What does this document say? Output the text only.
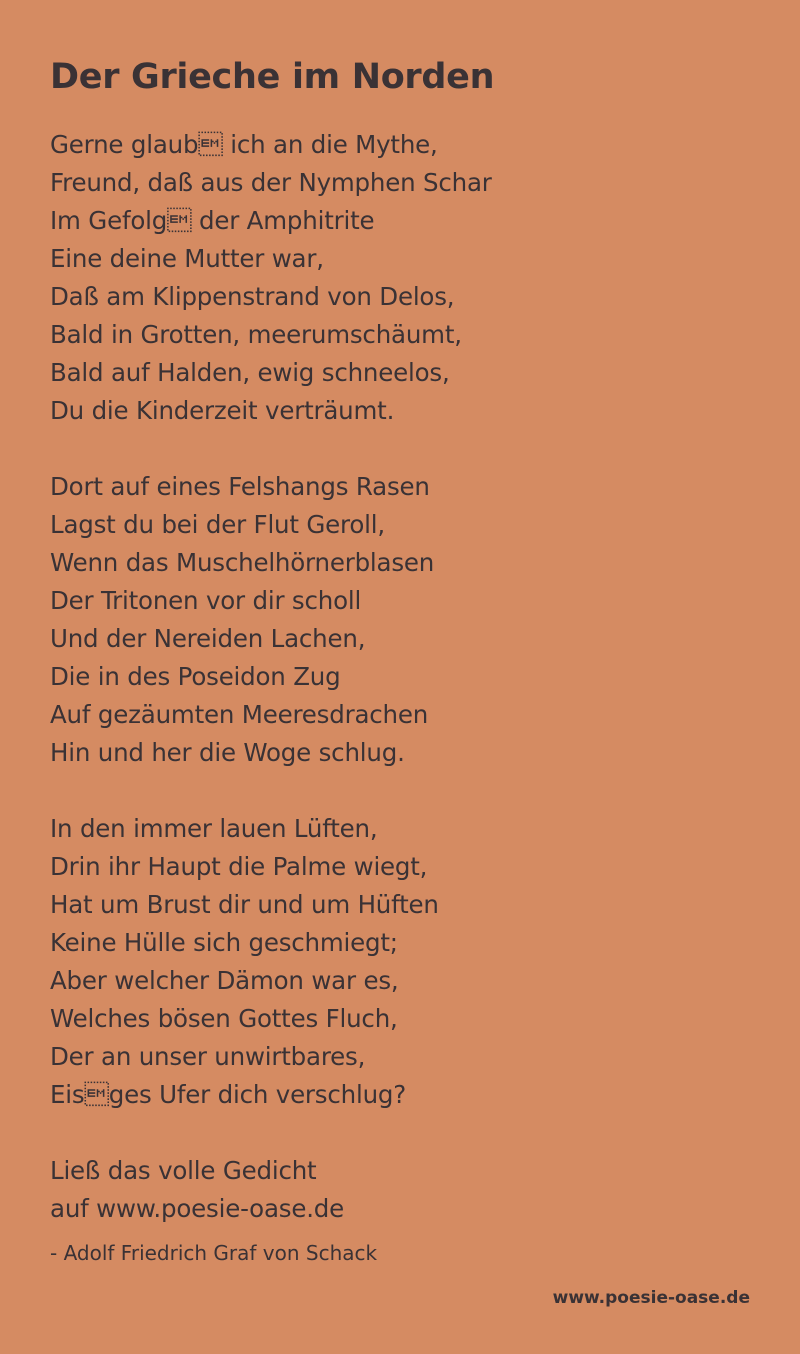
Der Grieche im Norden
Gerne glaub ich an die Mythe,
Freund, daß aus der Nymphen Schar
Im Gefolg der Amphitrite
Eine deine Mutter war,
Daß am Klippenstrand von Delos,
Bald in Grotten, meerumschäumt,
Bald auf Halden, ewig schneelos,
Du die Kinderzeit verträumt.
Dort auf eines Felshangs Rasen
Lagst du bei der Flut Geroll,
Wenn das Muschelhörnerblasen
Der Tritonen vor dir scholl
Und der Nereiden Lachen,
Die in des Poseidon Zug
Auf gezäumten Meeresdrachen
Hin und her die Woge schlug.
In den immer lauen Lüften,
Drin ihr Haupt die Palme wiegt,
Hat um Brust dir und um Hüften
Keine Hülle sich geschmiegt;
Aber welcher Dämon war es,
Welches bösen Gottes Fluch,
Der an unser unwirtbares,
Eisges Ufer dich verschlug?
Ließ das volle Gedicht
auf www.poesie-oase.de
- Adolf Friedrich Graf von Schack
www.poesie-oase.de
